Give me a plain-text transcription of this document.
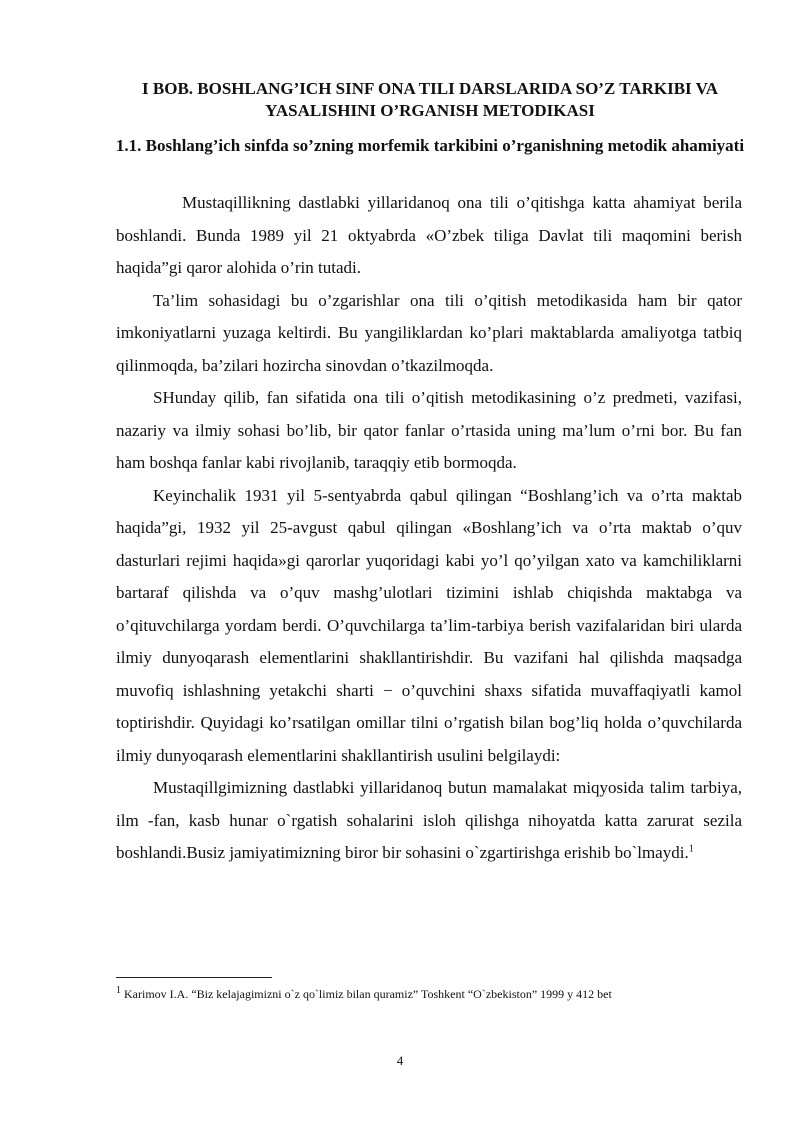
I BOB. BOSHLANG’ICH SINF ONA TILI DARSLARIDA SO’Z TARKIBI VA YASALISHINI O’RGANISH METODIKASI
1.1. Boshlang’ich sinfda so’zning morfemik tarkibini o’rganishning metodik ahamiyati

Mustaqillikning dastlabki yillaridanoq ona tili o’qitishga katta ahamiyat berila boshlandi. Bunda 1989 yil 21 oktyabrda «O’zbek tiliga Davlat tili maqomini berish haqida”gi qaror alohida o’rin tutadi.

Ta’lim sohasidagi bu o’zgarishlar ona tili o’qitish metodikasida ham bir qator imkoniyatlarni yuzaga keltirdi. Bu yangiliklardan ko’plari maktablarda amaliyotga tatbiq qilinmoqda, ba’zilari hozircha sinovdan o’tkazilmoqda.

SHunday qilib, fan sifatida ona tili o’qitish metodikasining o’z predmeti, vazifasi, nazariy va ilmiy sohasi bo’lib, bir qator fanlar o’rtasida uning ma’lum o’rni bor. Bu fan ham boshqa fanlar kabi rivojlanib, taraqqiy etib bormoqda.

Keyinchalik 1931 yil 5-sentyabrda qabul qilingan “Boshlang’ich va o’rta maktab haqida”gi, 1932 yil 25-avgust qabul qilingan «Boshlang’ich va o’rta maktab o’quv dasturlari rejimi haqida»gi qarorlar yuqoridagi kabi yo’l qo’yilgan xato va kamchiliklarni bartaraf qilishda va o’quv mashg’ulotlari tizimini ishlab chiqishda maktabga va o’qituvchilarga yordam berdi. O’quvchilarga ta’lim-tarbiya berish vazifalaridan biri ularda ilmiy dunyoqarash elementlarini shakllantirishdir. Bu vazifani hal qilishda maqsadga muvofiq ishlashning yetakchi sharti − o’quvchini shaxs sifatida muvaffaqiyatli kamol toptirishdir. Quyidagi ko’rsatilgan omillar tilni o’rgatish bilan bog’liq holda o’quvchilarda ilmiy dunyoqarash elementlarini shakllantirish usulini belgilaydi:

Mustaqillgimizning dastlabki yillaridanoq butun mamalakat miqyosida talim tarbiya, ilm -fan, kasb hunar o`rgatish sohalarini isloh qilishga nihoyatda katta zarurat sezila boshlandi.Busiz jamiyatimizning biror bir sohasini o`zgartirishga erishib bo`lmaydi.$^1$

$^1$ Karimov I.A. “Biz kelajagimizni o`z qo`limiz bilan quramiz” Toshkent “O`zbekiston” 1999 y 412 bet
4
